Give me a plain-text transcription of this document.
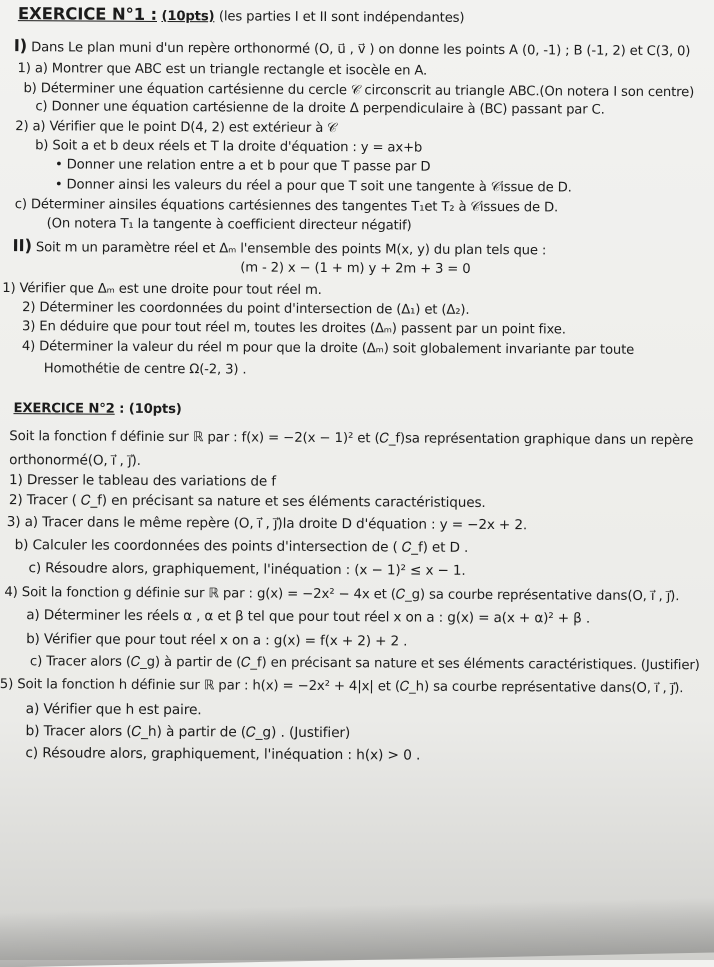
EXERCICE N°1 : (10pts) (les parties I et II sont indépendantes)
I) Dans Le plan muni d'un repère orthonormé (O, u⃗ , v⃗ ) on donne les points A (0, -1) ; B (-1, 2) et C(3, 0)
1) a) Montrer que ABC est un triangle rectangle et isocèle en A.
b) Déterminer une équation cartésienne du cercle 𝒞 circonscrit au triangle ABC.(On notera I son centre)
c) Donner une équation cartésienne de la droite Δ perpendiculaire à (BC) passant par C.
2) a) Vérifier que le point D(4, 2) est extérieur à 𝒞
b) Soit a et b deux réels et T la droite d'équation : y = ax+b
• Donner une relation entre a et b pour que T passe par D
• Donner ainsi les valeurs du réel a pour que T soit une tangente à 𝒞issue de D.
c) Déterminer ainsiles équations cartésiennes des tangentes T₁et T₂ à 𝒞issues de D.
(On notera T₁ la tangente à coefficient directeur négatif)
II) Soit m un paramètre réel et Δₘ l'ensemble des points M(x, y) du plan tels que :
(m - 2) x − (1 + m) y + 2m + 3 = 0
1) Vérifier que Δₘ est une droite pour tout réel m.
2) Déterminer les coordonnées du point d'intersection de (Δ₁) et (Δ₂).
3) En déduire que pour tout réel m, toutes les droites (Δₘ) passent par un point fixe.
4) Déterminer la valeur du réel m pour que la droite (Δₘ) soit globalement invariante par toute
Homothétie de centre Ω(-2, 3) .
EXERCICE N°2 : (10pts)
Soit la fonction f définie sur ℝ par : f(x) = −2(x − 1)² et (𝐶_f)sa représentation graphique dans un repère
orthonormé(O, ı⃗ , ȷ⃗).
1) Dresser le tableau des variations de f
2) Tracer ( 𝐶_f) en précisant sa nature et ses éléments caractéristiques.
3) a) Tracer dans le même repère (O, ı⃗ , ȷ⃗)la droite D d'équation : y = −2x + 2.
b) Calculer les coordonnées des points d'intersection de ( 𝐶_f) et D .
c) Résoudre alors, graphiquement, l'inéquation : (x − 1)² ≤ x − 1.
4) Soit la fonction g définie sur ℝ par : g(x) = −2x² − 4x et (𝐶_g) sa courbe représentative dans(O, ı⃗ , ȷ⃗).
a) Déterminer les réels α , α et β tel que pour tout réel x on a : g(x) = a(x + α)² + β .
b) Vérifier que pour tout réel x on a : g(x) = f(x + 2) + 2 .
c) Tracer alors (𝐶_g) à partir de (𝐶_f) en précisant sa nature et ses éléments caractéristiques. (Justifier)
5) Soit la fonction h définie sur ℝ par : h(x) = −2x² + 4|x| et (𝐶_h) sa courbe représentative dans(O, ı⃗ , ȷ⃗).
a) Vérifier que h est paire.
b) Tracer alors (𝐶_h) à partir de (𝐶_g) . (Justifier)
c) Résoudre alors, graphiquement, l'inéquation : h(x) > 0 .
